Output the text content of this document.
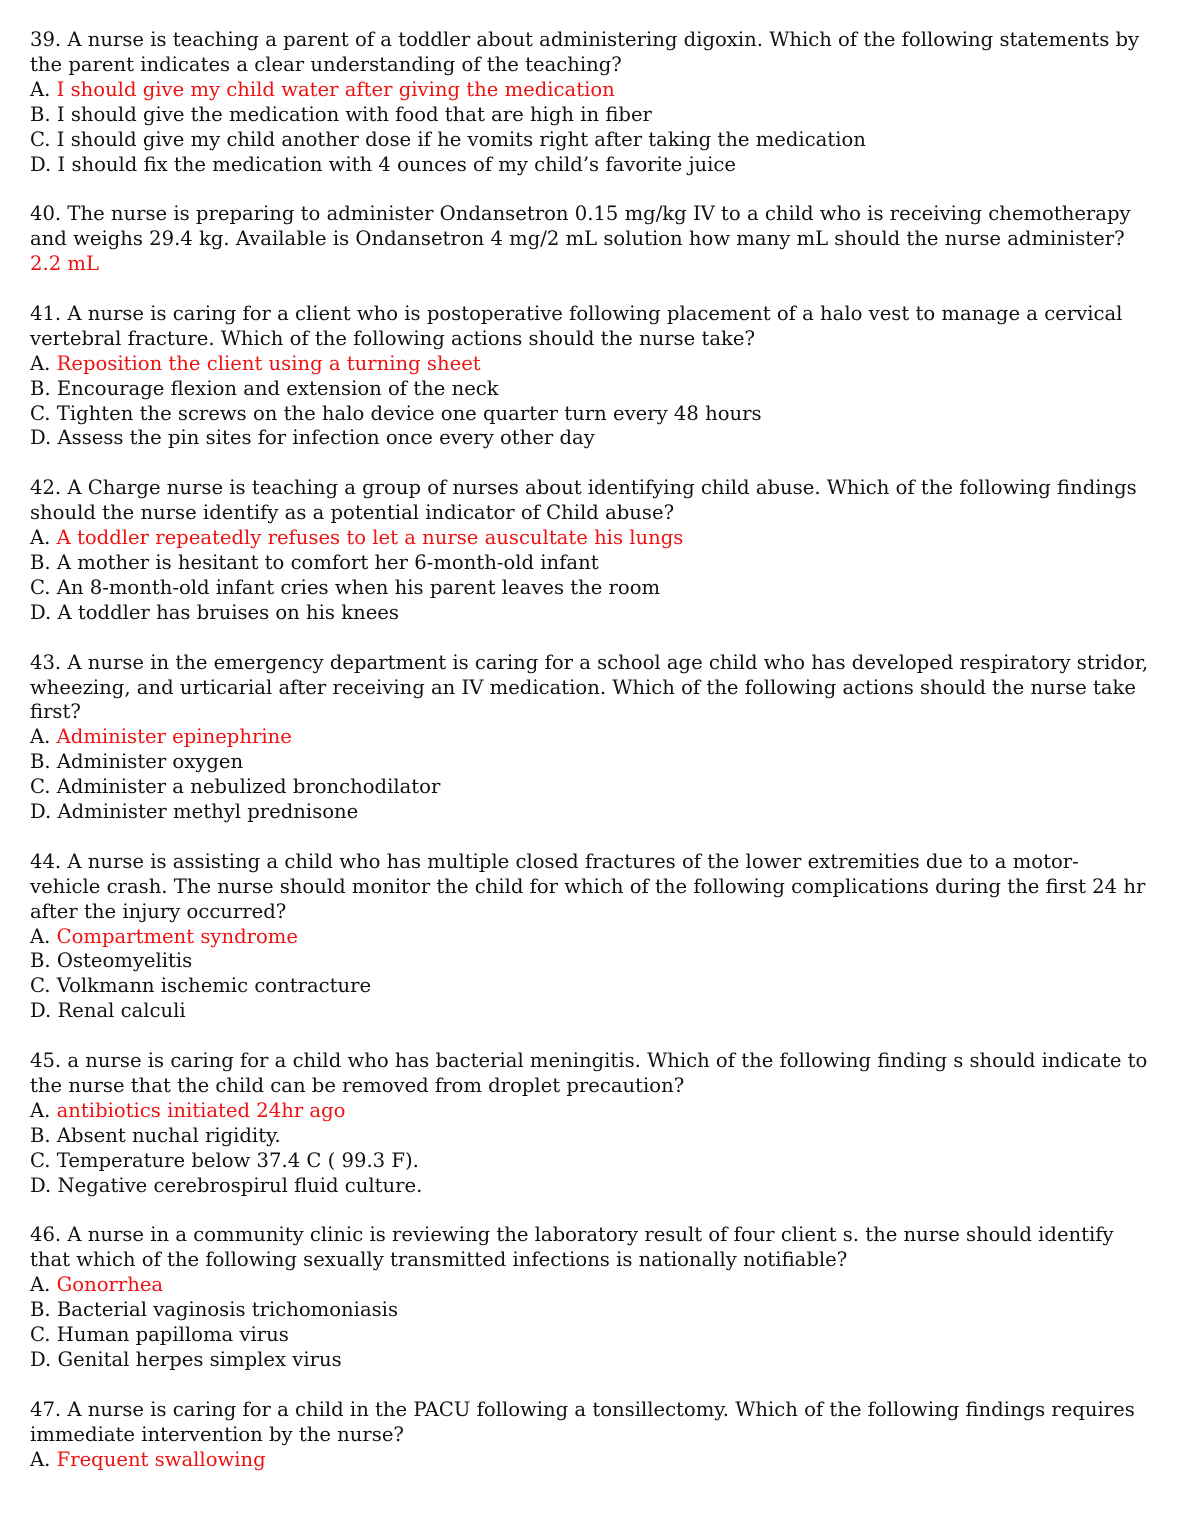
39. A nurse is teaching a parent of a toddler about administering digoxin. Which of the following statements by the parent indicates a clear understanding of the teaching?
A. I should give my child water after giving the medication
B. I should give the medication with food that are high in fiber
C. I should give my child another dose if he vomits right after taking the medication
D. I should fix the medication with 4 ounces of my child’s favorite juice
40. The nurse is preparing to administer Ondansetron 0.15 mg/kg IV to a child who is receiving chemotherapy and weighs 29.4 kg. Available is Ondansetron 4 mg/2 mL solution how many mL should the nurse administer?
2.2 mL
41. A nurse is caring for a client who is postoperative following placement of a halo vest to manage a cervical vertebral fracture. Which of the following actions should the nurse take?
A. Reposition the client using a turning sheet
B. Encourage flexion and extension of the neck
C. Tighten the screws on the halo device one quarter turn every 48 hours
D. Assess the pin sites for infection once every other day
42. A Charge nurse is teaching a group of nurses about identifying child abuse. Which of the following findings should the nurse identify as a potential indicator of Child abuse?
A. A toddler repeatedly refuses to let a nurse auscultate his lungs
B. A mother is hesitant to comfort her 6-month-old infant
C. An 8-month-old infant cries when his parent leaves the room
D. A toddler has bruises on his knees
43. A nurse in the emergency department is caring for a school age child who has developed respiratory stridor, wheezing, and urticarial after receiving an IV medication. Which of the following actions should the nurse take first?
A. Administer epinephrine
B. Administer oxygen
C. Administer a nebulized bronchodilator
D. Administer methyl prednisone
44. A nurse is assisting a child who has multiple closed fractures of the lower extremities due to a motor- vehicle crash. The nurse should monitor the child for which of the following complications during the first 24 hr after the injury occurred?
A. Compartment syndrome
B. Osteomyelitis
C. Volkmann ischemic contracture
D. Renal calculi
45. a nurse is caring for a child who has bacterial meningitis. Which of the following finding s should indicate to the nurse that the child can be removed from droplet precaution?
A. antibiotics initiated 24hr ago
B. Absent nuchal rigidity.
C. Temperature below 37.4 C ( 99.3 F).
D. Negative cerebrospirul fluid culture.
46. A nurse in a community clinic is reviewing the laboratory result of four client s. the nurse should identify that which of the following sexually transmitted infections is nationally notifiable?
A. Gonorrhea
B. Bacterial vaginosis trichomoniasis
C. Human papilloma virus
D. Genital herpes simplex virus
47. A nurse is caring for a child in the PACU following a tonsillectomy. Which of the following findings requires immediate intervention by the nurse?
A. Frequent swallowing
